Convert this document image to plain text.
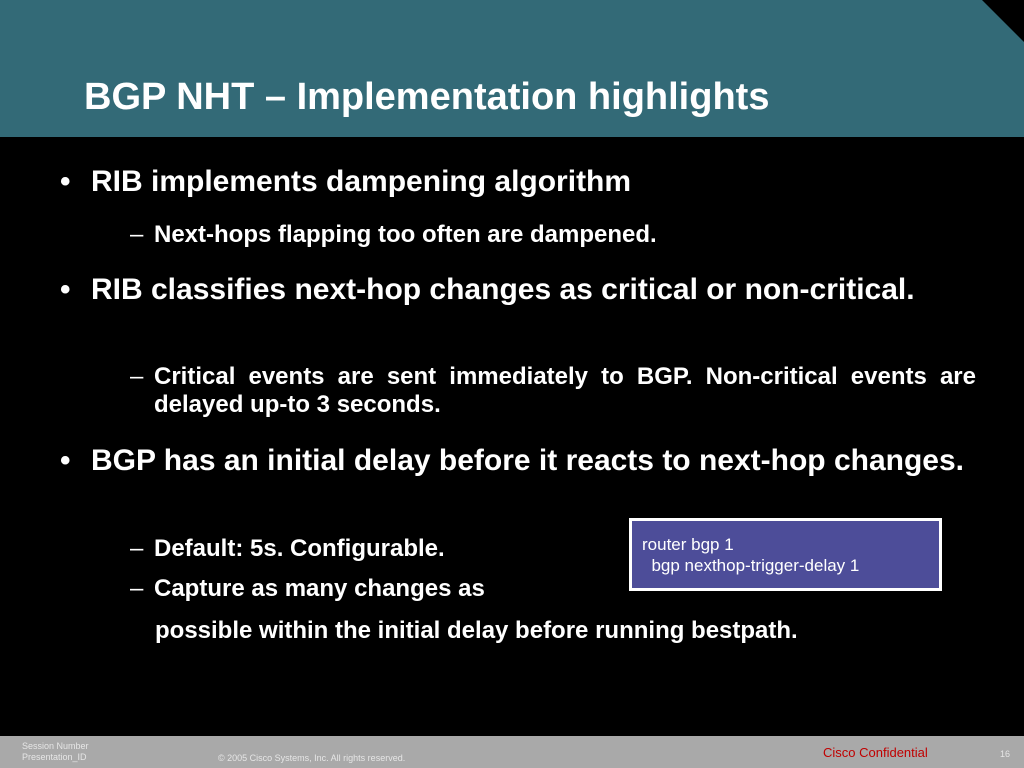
BGP NHT – Implementation highlights
• RIB implements dampening algorithm
– Next-hops flapping too often are dampened.
• RIB classifies next-hop changes as critical or non-critical.
– Critical events are sent immediately to BGP. Non-critical events are delayed up-to 3 seconds.
• BGP has an initial delay before it reacts to next-hop changes.
– Default: 5s. Configurable.
– Capture as many changes as
possible within the initial delay before running bestpath.
router bgp 1
bgp nexthop-trigger-delay 1
Session Number
Presentation_ID	© 2005 Cisco Systems, Inc. All rights reserved.	Cisco Confidential	16
